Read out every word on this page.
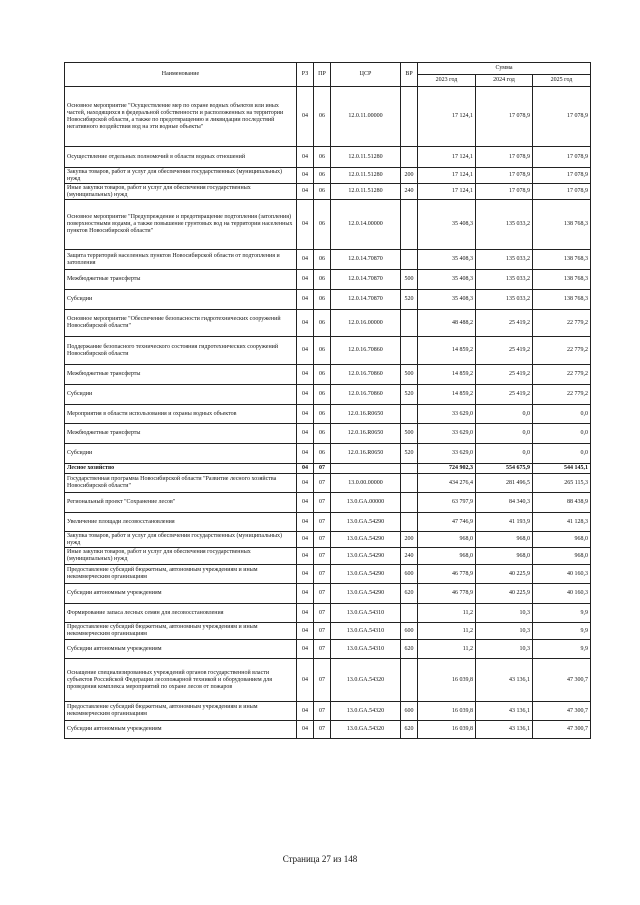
Наименование	РЗ	ПР	ЦСР	ВР	Сумма		
					2023 год	2024 год	2025 год
Основное мероприятие "Осуществление мер по охране водных объектов или иных частей, находящихся в федеральной собственности и расположенных на территории Новосибирской области, а также по предотвращению и ликвидации последствий негативного воздействия вод на эти водные объекты"	04	06	12.0.11.00000		17 124,1	17 078,9	17 078,9
Осуществление отдельных полномочий в области водных отношений	04	06	12.0.11.51280		17 124,1	17 078,9	17 078,9
Закупка товаров, работ и услуг для обеспечения государственных (муниципальных) нужд	04	06	12.0.11.51280	200	17 124,1	17 078,9	17 078,9
Иные закупки товаров, работ и услуг для обеспечения государственных (муниципальных) нужд	04	06	12.0.11.51280	240	17 124,1	17 078,9	17 078,9
Основное мероприятие "Предупреждение и предотвращение подтопления (затопления) поверхностными водами, а также повышение грунтовых вод на территории населенных пунктов Новосибирской области"	04	06	12.0.14.00000		35 408,3	135 033,2	138 768,3
Защита территорий населенных пунктов Новосибирской области от подтопления и затопления	04	06	12.0.14.70870		35 408,3	135 033,2	138 768,3
Межбюджетные трансферты	04	06	12.0.14.70870	500	35 408,3	135 033,2	138 768,3
Субсидии	04	06	12.0.14.70870	520	35 408,3	135 033,2	138 768,3
Основное мероприятие "Обеспечение безопасности гидротехнических сооружений Новосибирской области"	04	06	12.0.16.00000		48 488,2	25 419,2	22 779,2
Поддержание безопасного технического состояния гидротехнических сооружений Новосибирской области	04	06	12.0.16.70860		14 859,2	25 419,2	22 779,2
Межбюджетные трансферты	04	06	12.0.16.70860	500	14 859,2	25 419,2	22 779,2
Субсидии	04	06	12.0.16.70860	520	14 859,2	25 419,2	22 779,2
Мероприятия в области использования и охраны водных объектов	04	06	12.0.16.R0650		33 629,0	0,0	0,0
Межбюджетные трансферты	04	06	12.0.16.R0650	500	33 629,0	0,0	0,0
Субсидии	04	06	12.0.16.R0650	520	33 629,0	0,0	0,0
Лесное хозяйство	04	07			724 902,3	554 675,9	544 145,1
Государственная программа Новосибирской области "Развитие лесного хозяйства Новосибирской области"	04	07	13.0.00.00000		434 276,4	281 496,5	265 115,3
Региональный проект "Сохранение лесов"	04	07	13.0.GA.00000		63 797,9	84 340,3	88 438,9
Увеличение площади лесовосстановления	04	07	13.0.GA.54290		47 746,9	41 193,9	41 128,3
Закупка товаров, работ и услуг для обеспечения государственных (муниципальных) нужд	04	07	13.0.GA.54290	200	968,0	968,0	968,0
Иные закупки товаров, работ и услуг для обеспечения государственных (муниципальных) нужд	04	07	13.0.GA.54290	240	968,0	968,0	968,0
Предоставление субсидий бюджетным, автономным учреждениям и иным некоммерческим организациям	04	07	13.0.GA.54290	600	46 778,9	40 225,9	40 160,3
Субсидии автономным учреждениям	04	07	13.0.GA.54290	620	46 778,9	40 225,9	40 160,3
Формирование запаса лесных семян для лесовосстановления	04	07	13.0.GA.54310		11,2	10,3	9,9
Предоставление субсидий бюджетным, автономным учреждениям и иным некоммерческим организациям	04	07	13.0.GA.54310	600	11,2	10,3	9,9
Субсидии автономным учреждениям	04	07	13.0.GA.54310	620	11,2	10,3	9,9
Оснащение специализированных учреждений органов государственной власти субъектов Российской Федерации лесопожарной техникой и оборудованием для проведения комплекса мероприятий по охране лесов от пожаров	04	07	13.0.GA.54320		16 039,8	43 136,1	47 300,7
Предоставление субсидий бюджетным, автономным учреждениям и иным некоммерческим организациям	04	07	13.0.GA.54320	600	16 039,8	43 136,1	47 300,7
Субсидии автономным учреждениям	04	07	13.0.GA.54320	620	16 039,8	43 136,1	47 300,7
Страница 27 из 148
